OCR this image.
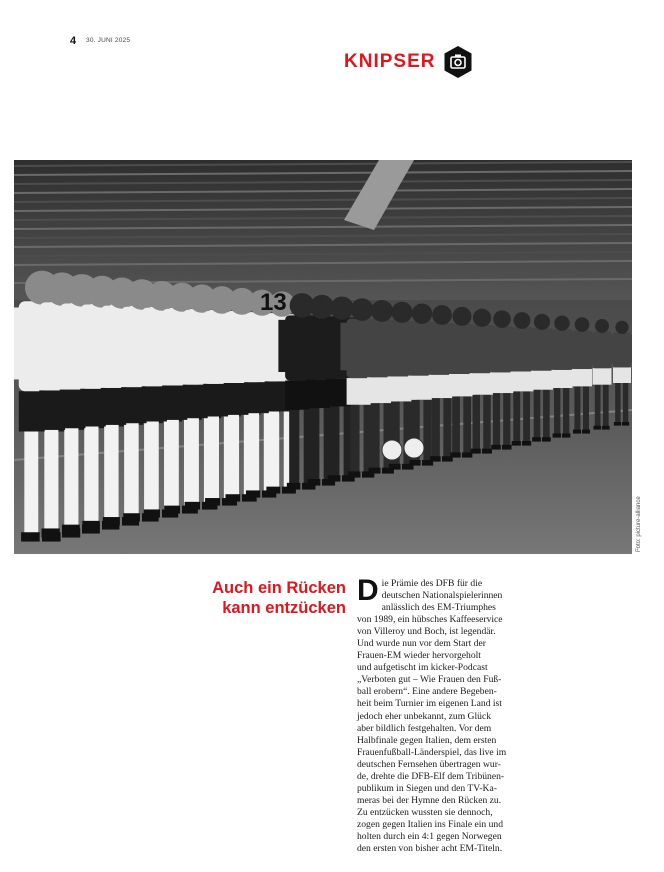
4 30. JUNI 2025
KNIPSER
13
Foto: picture-alliance
Auch ein Rücken
kann entzücken
D ie Prämie des DFB für die
deutschen Nationalspielerinnen
anlässlich des EM-Triumphes
von 1989, ein hübsches Kaffeeservice
von Villeroy und Boch, ist legendär.
Und wurde nun vor dem Start der
Frauen-EM wieder hervorgeholt
und aufgetischt im kicker-Podcast
„Verboten gut – Wie Frauen den Fuß-
ball erobern“. Eine andere Begeben-
heit beim Turnier im eigenen Land ist
jedoch eher unbekannt, zum Glück
aber bildlich festgehalten. Vor dem
Halbfinale gegen Italien, dem ersten
Frauenfußball-Länderspiel, das live im
deutschen Fernsehen übertragen wur-
de, drehte die DFB-Elf dem Tribünen-
publikum in Siegen und den TV-Ka-
meras bei der Hymne den Rücken zu.
Zu entzücken wussten sie dennoch,
zogen gegen Italien ins Finale ein und
holten durch ein 4:1 gegen Norwegen
den ersten von bisher acht EM-Titeln.
